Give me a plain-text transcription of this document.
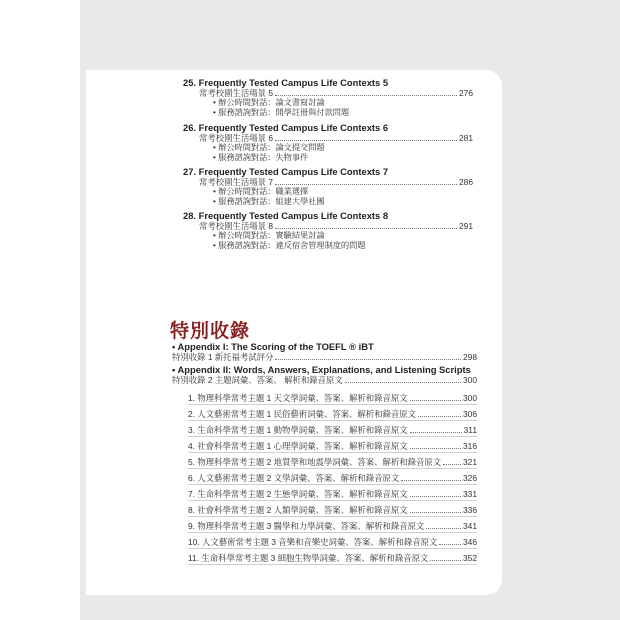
25. Frequently Tested Campus Life Contexts 5
常考校園生活場景 5	276
• 辦公時間對話：論文書寫討論
• 服務諮詢對話：開學註冊與付款問題
26. Frequently Tested Campus Life Contexts 6
常考校園生活場景 6	281
• 辦公時間對話：論文提交問題
• 服務諮詢對話：失物事件
27. Frequently Tested Campus Life Contexts 7
常考校園生活場景 7	286
• 辦公時間對話：職業選擇
• 服務諮詢對話：組建大學社團
28. Frequently Tested Campus Life Contexts 8
常考校園生活場景 8	291
• 辦公時間對話：實驗結果討論
• 服務諮詢對話：違反宿舍管理制度的問題
特別收錄
• Appendix I: The Scoring of the TOEFL ® iBT
特別收錄 1 新托福考試評分	298
• Appendix II: Words, Answers, Explanations, and Listening Scripts
特別收錄 2 主題詞彙、答案、 解析和錄音原文	300
1. 物理科學常考主題 1 天文學詞彙、答案、解析和錄音原文	300
2. 人文藝術常考主題 1 民俗藝術詞彙、答案、解析和錄音原文	306
3. 生命科學常考主題 1 動物學詞彙、答案、解析和錄音原文	311
4. 社會科學常考主題 1 心理學詞彙、答案、解析和錄音原文	316
5. 物理科學常考主題 2 地質學和地震學詞彙、答案、解析和錄音原文	321
6. 人文藝術常考主題 2 文學詞彙、答案、解析和錄音原文	326
7. 生命科學常考主題 2 生態學詞彙、答案、解析和錄音原文	331
8. 社會科學常考主題 2 人類學詞彙、答案、解析和錄音原文	336
9. 物理科學常考主題 3 醫學和力學詞彙、答案、解析和錄音原文	341
10. 人文藝術常考主題 3 音樂和音樂史詞彙、答案、解析和錄音原文	346
11. 生命科學常考主題 3 細胞生物學詞彙、答案、解析和錄音原文	352
